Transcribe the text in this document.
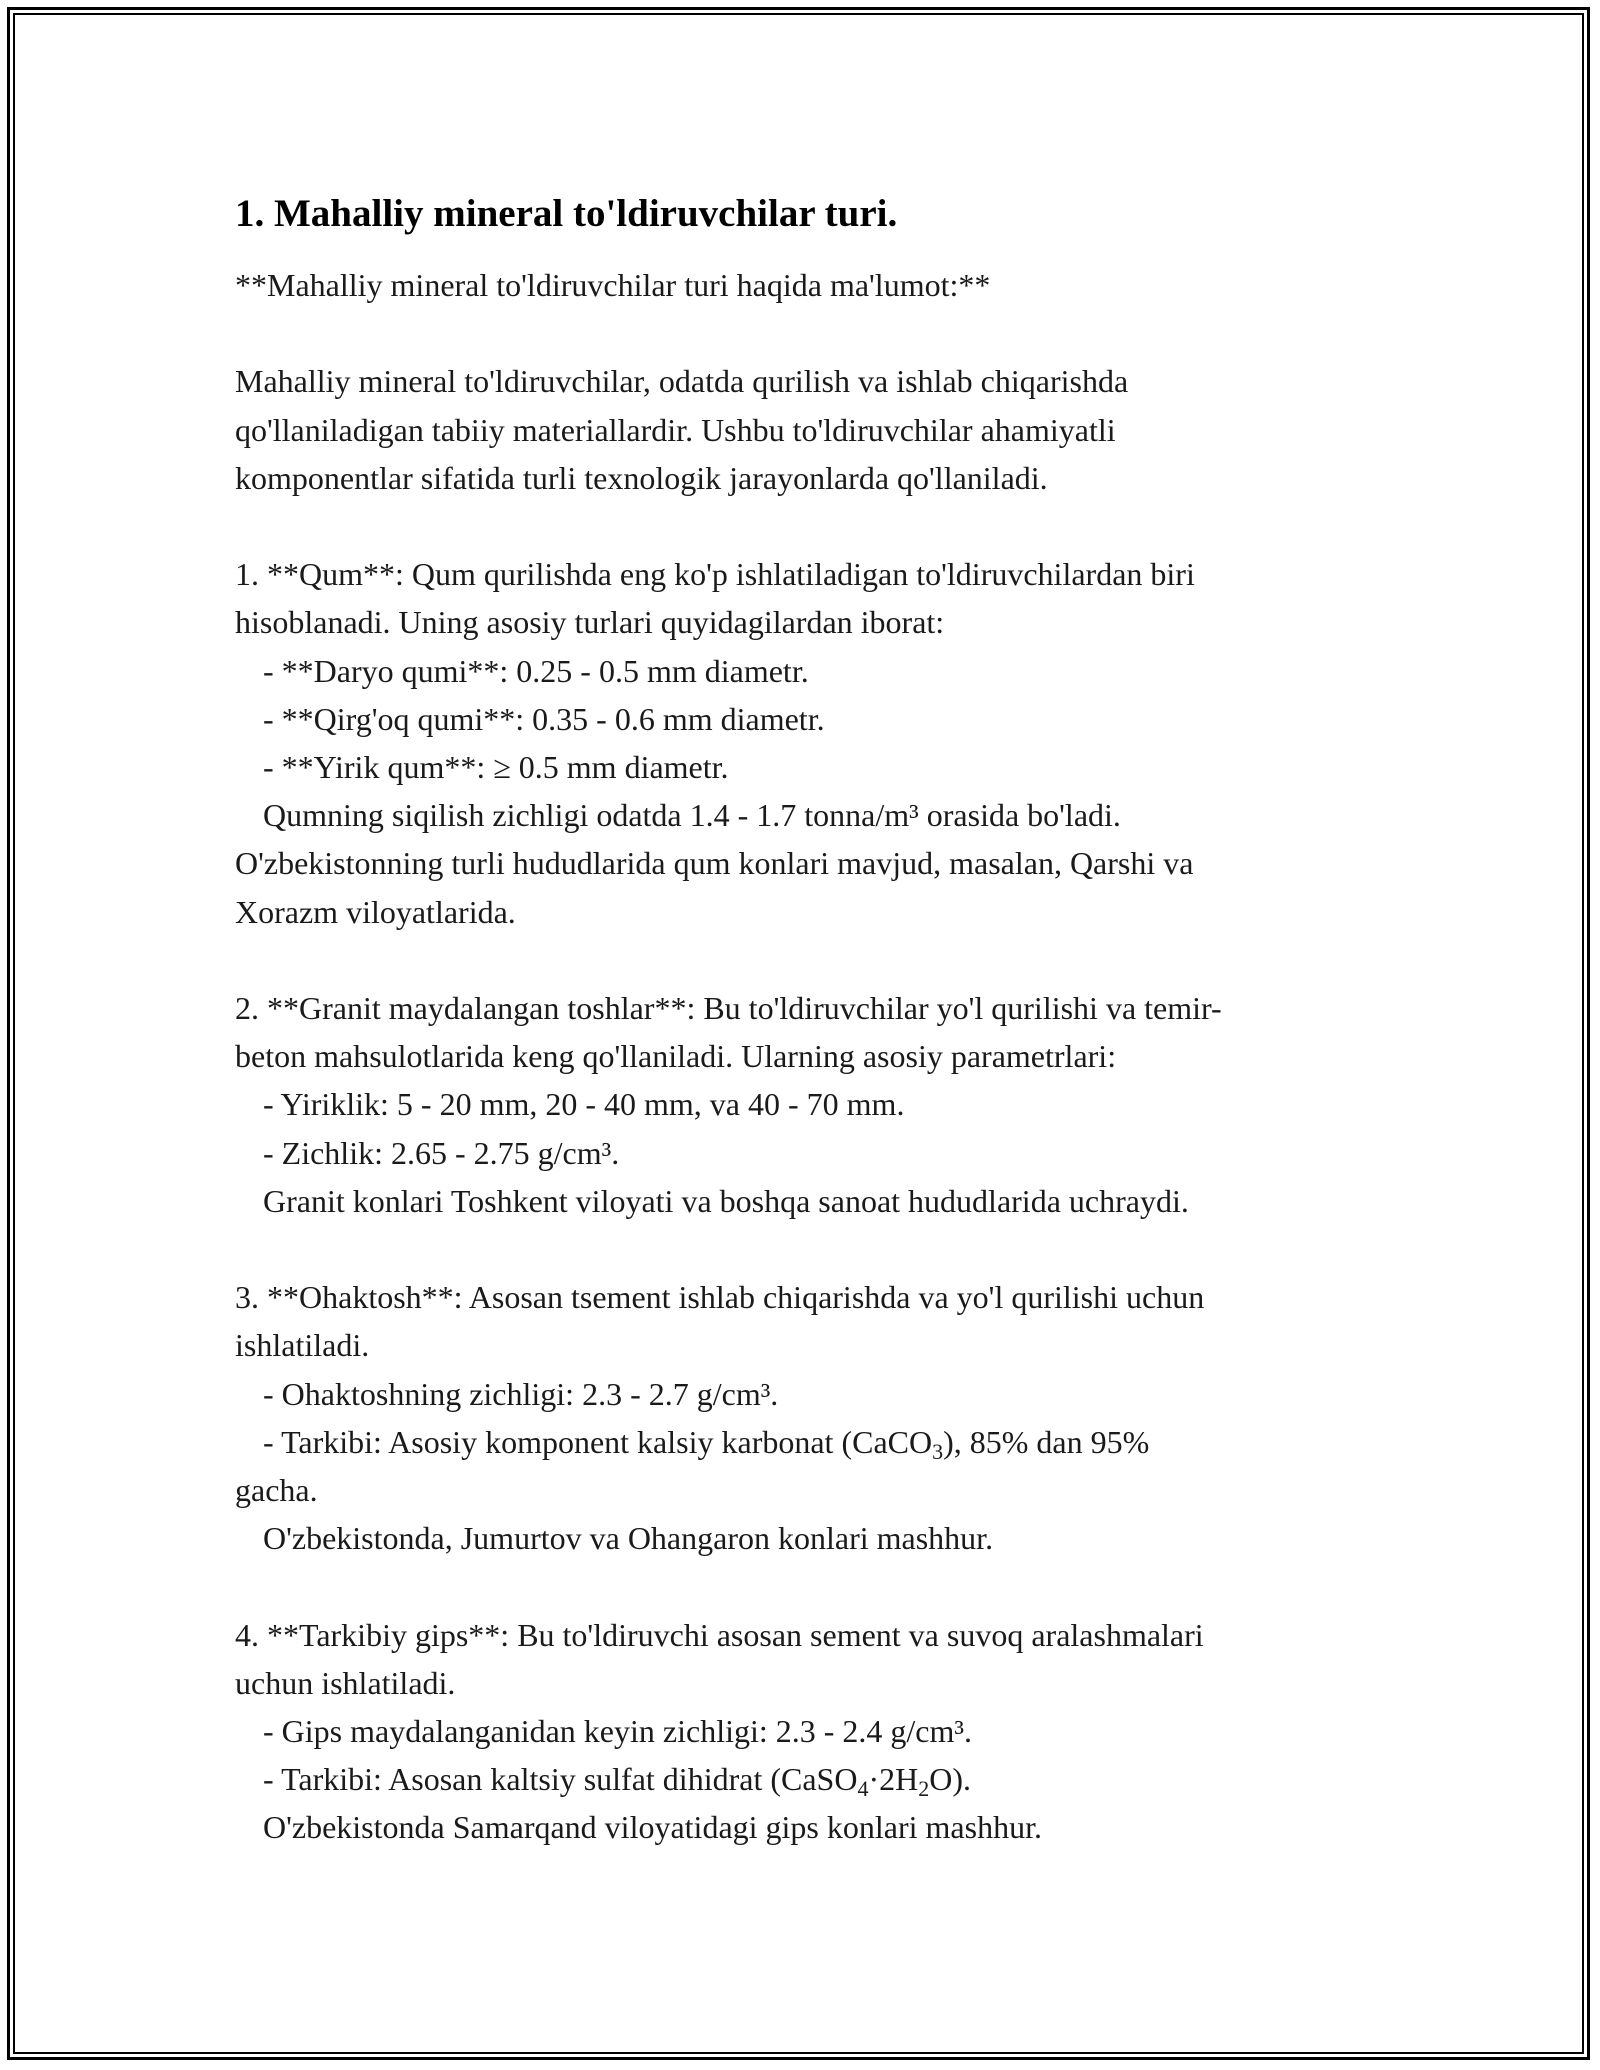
1. Mahalliy mineral to'ldiruvchilar turi.
**Mahalliy mineral to'ldiruvchilar turi haqida ma'lumot:**
Mahalliy mineral to'ldiruvchilar, odatda qurilish va ishlab chiqarishda
qo'llaniladigan tabiiy materiallardir. Ushbu to'ldiruvchilar ahamiyatli
komponentlar sifatida turli texnologik jarayonlarda qo'llaniladi.
1. **Qum**: Qum qurilishda eng ko'p ishlatiladigan to'ldiruvchilardan biri
hisoblanadi. Uning asosiy turlari quyidagilardan iborat:
- **Daryo qumi**: 0.25 - 0.5 mm diametr.
- **Qirg'oq qumi**: 0.35 - 0.6 mm diametr.
- **Yirik qum**: ≥ 0.5 mm diametr.
Qumning siqilish zichligi odatda 1.4 - 1.7 tonna/m³ orasida bo'ladi.
O'zbekistonning turli hududlarida qum konlari mavjud, masalan, Qarshi va
Xorazm viloyatlarida.
2. **Granit maydalangan toshlar**: Bu to'ldiruvchilar yo'l qurilishi va temir-
beton mahsulotlarida keng qo'llaniladi. Ularning asosiy parametrlari:
- Yiriklik: 5 - 20 mm, 20 - 40 mm, va 40 - 70 mm.
- Zichlik: 2.65 - 2.75 g/cm³.
Granit konlari Toshkent viloyati va boshqa sanoat hududlarida uchraydi.
3. **Ohaktosh**: Asosan tsement ishlab chiqarishda va yo'l qurilishi uchun
ishlatiladi.
- Ohaktoshning zichligi: 2.3 - 2.7 g/cm³.
- Tarkibi: Asosiy komponent kalsiy karbonat (CaCO$_3$), 85% dan 95%
gacha.
O'zbekistonda, Jumurtov va Ohangaron konlari mashhur.
4. **Tarkibiy gips**: Bu to'ldiruvchi asosan sement va suvoq aralashmalari
uchun ishlatiladi.
- Gips maydalanganidan keyin zichligi: 2.3 - 2.4 g/cm³.
- Tarkibi: Asosan kaltsiy sulfat dihidrat $(CaSO_4\cdot 2H_2O)$.
O'zbekistonda Samarqand viloyatidagi gips konlari mashhur.
